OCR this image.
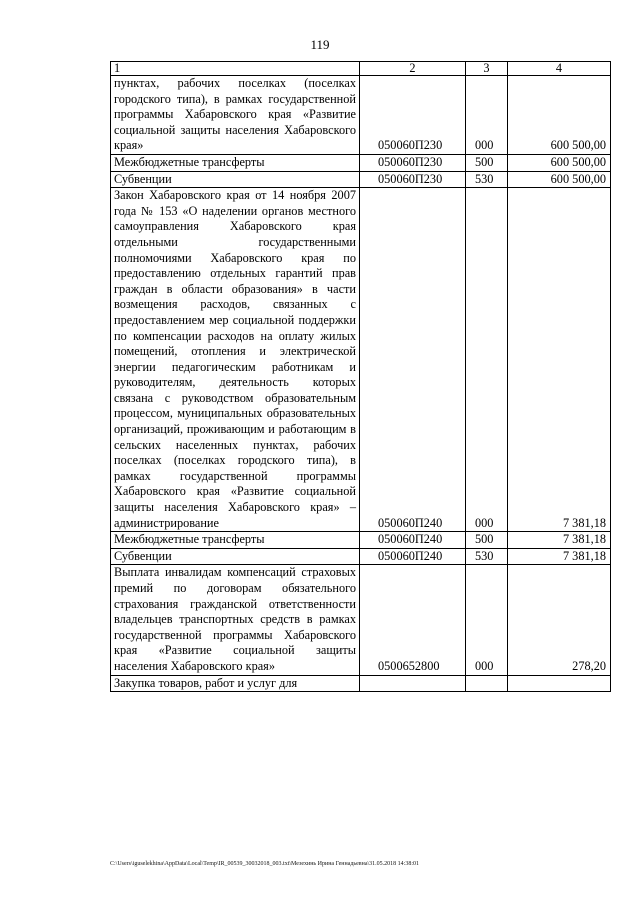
119
1	2	3	4
пунктах, рабочих поселках (поселках городского типа), в рамках государственной программы Хабаровского края «Развитие социальной защиты населения Хабаровского края»	050060П230	000	600 500,00
Межбюджетные трансферты	050060П230	500	600 500,00
Субвенции	050060П230	530	600 500,00
Закон Хабаровского края от 14 ноября 2007 года № 153 «О наделении органов местного самоуправления Хабаровского края отдельными государственными полномочиями Хабаровского края по предоставлению отдельных гарантий прав граждан в области образования» в части возмещения расходов, связанных с предоставлением мер социальной поддержки по компенсации расходов на оплату жилых помещений, отопления и электрической энергии педагогическим работникам и руководителям, деятельность которых связана с руководством образовательным процессом, муниципальных образовательных организаций, проживающим и работающим в сельских населенных пунктах, рабочих поселках (поселках городского типа), в рамках государственной программы Хабаровского края «Развитие социальной защиты населения Хабаровского края» – администрирование	050060П240	000	7 381,18
Межбюджетные трансферты	050060П240	500	7 381,18
Субвенции	050060П240	530	7 381,18
Выплата инвалидам компенсаций страховых премий по договорам обязательного страхования гражданской ответственности владельцев транспортных средств в рамках государственной программы Хабаровского края «Развитие социальной защиты населения Хабаровского края»	0500652800	000	278,20
Закупка товаров, работ и услуг для			
C:\Users\iguselekhina\AppData\Local\Temp\IR_00539_30032018_003.txt\Мезехинь Ирина Геннадьевна\31.05.2018 14:38:01
